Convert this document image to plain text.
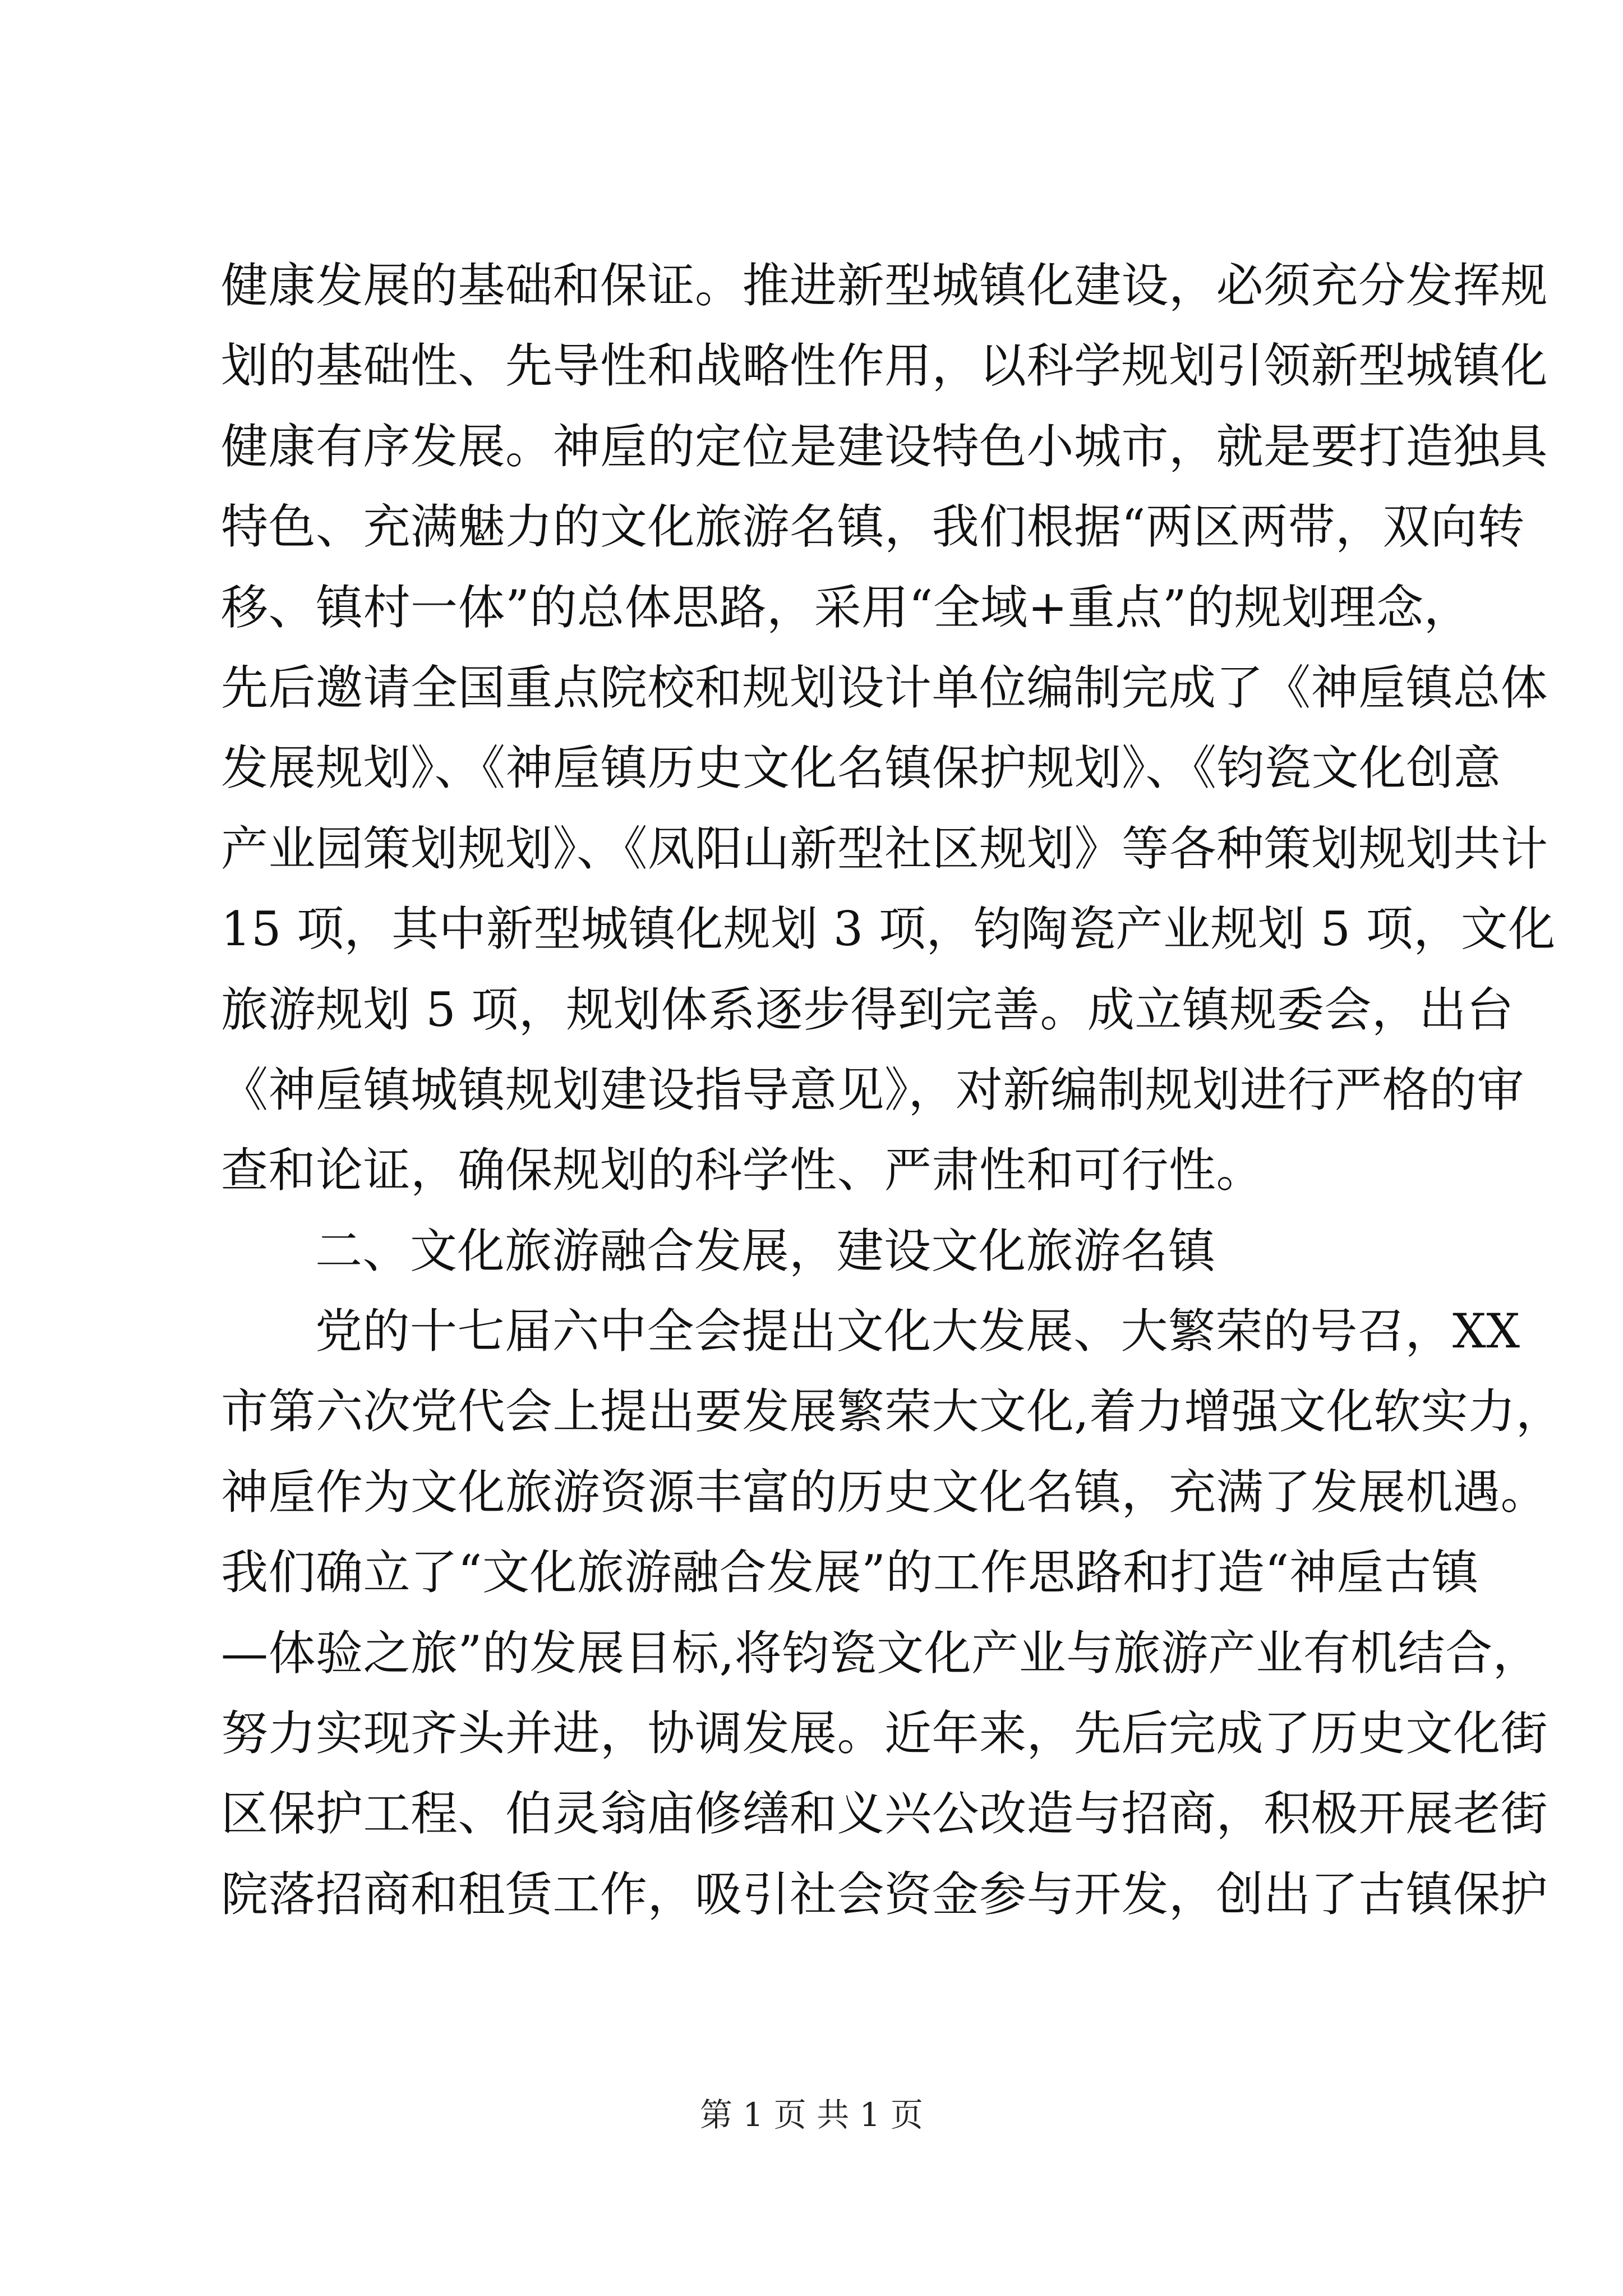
健康发展的基础和保证。推进新型城镇化建设，必须充分发挥规
划的基础性、先导性和战略性作用，以科学规划引领新型城镇化
健康有序发展。神垕的定位是建设特色小城市，就是要打造独具
特色、充满魅力的文化旅游名镇，我们根据“两区两带，双向转
移、镇村一体”的总体思路，采用“全域+重点”的规划理念，
先后邀请全国重点院校和规划设计单位编制完成了《神垕镇总体
发展规划》、《神垕镇历史文化名镇保护规划》、《钧瓷文化创意
产业园策划规划》、《凤阳山新型社区规划》等各种策划规划共计
15 项，其中新型城镇化规划 3 项，钧陶瓷产业规划 5 项，文化
旅游规划 5 项，规划体系逐步得到完善。成立镇规委会，出台
《神垕镇城镇规划建设指导意见》，对新编制规划进行严格的审
查和论证，确保规划的科学性、严肃性和可行性。
二、文化旅游融合发展，建设文化旅游名镇
党的十七届六中全会提出文化大发展、大繁荣的号召，XX
市第六次党代会上提出要发展繁荣大文化,着力增强文化软实力，
神垕作为文化旅游资源丰富的历史文化名镇，充满了发展机遇。
我们确立了“文化旅游融合发展”的工作思路和打造“神垕古镇
—体验之旅”的发展目标,将钧瓷文化产业与旅游产业有机结合，
努力实现齐头并进，协调发展。近年来，先后完成了历史文化街
区保护工程、伯灵翁庙修缮和义兴公改造与招商，积极开展老街
院落招商和租赁工作，吸引社会资金参与开发，创出了古镇保护
第 1 页 共 1 页
